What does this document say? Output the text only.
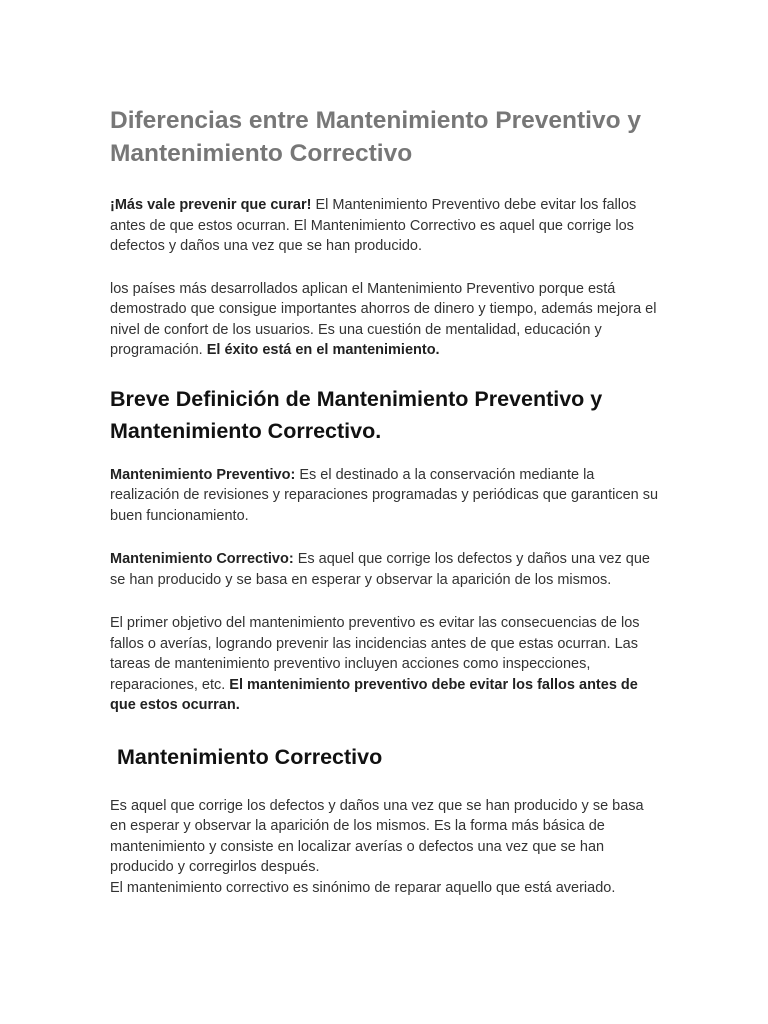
Diferencias entre Mantenimiento Preventivo y Mantenimiento Correctivo

¡Más vale prevenir que curar! El Mantenimiento Preventivo debe evitar los fallos antes de que estos ocurran. El Mantenimiento Correctivo es aquel que corrige los defectos y daños una vez que se han producido.

los países más desarrollados aplican el Mantenimiento Preventivo porque está demostrado que consigue importantes ahorros de dinero y tiempo, además mejora el nivel de confort de los usuarios. Es una cuestión de mentalidad, educación y programación. El éxito está en el mantenimiento.

Breve Definición de Mantenimiento Preventivo y Mantenimiento Correctivo.

Mantenimiento Preventivo: Es el destinado a la conservación mediante la realización de revisiones y reparaciones programadas y periódicas que garanticen su buen funcionamiento.

Mantenimiento Correctivo: Es aquel que corrige los defectos y daños una vez que se han producido y se basa en esperar y observar la aparición de los mismos.

El primer objetivo del mantenimiento preventivo es evitar las consecuencias de los fallos o averías, logrando prevenir las incidencias antes de que estas ocurran. Las tareas de mantenimiento preventivo incluyen acciones como inspecciones, reparaciones, etc. El mantenimiento preventivo debe evitar los fallos antes de que estos ocurran.

Mantenimiento Correctivo

Es aquel que corrige los defectos y daños una vez que se han producido y se basa en esperar y observar la aparición de los mismos. Es la forma más básica de mantenimiento y consiste en localizar averías o defectos una vez que se han producido y corregirlos después.
El mantenimiento correctivo es sinónimo de reparar aquello que está averiado.
